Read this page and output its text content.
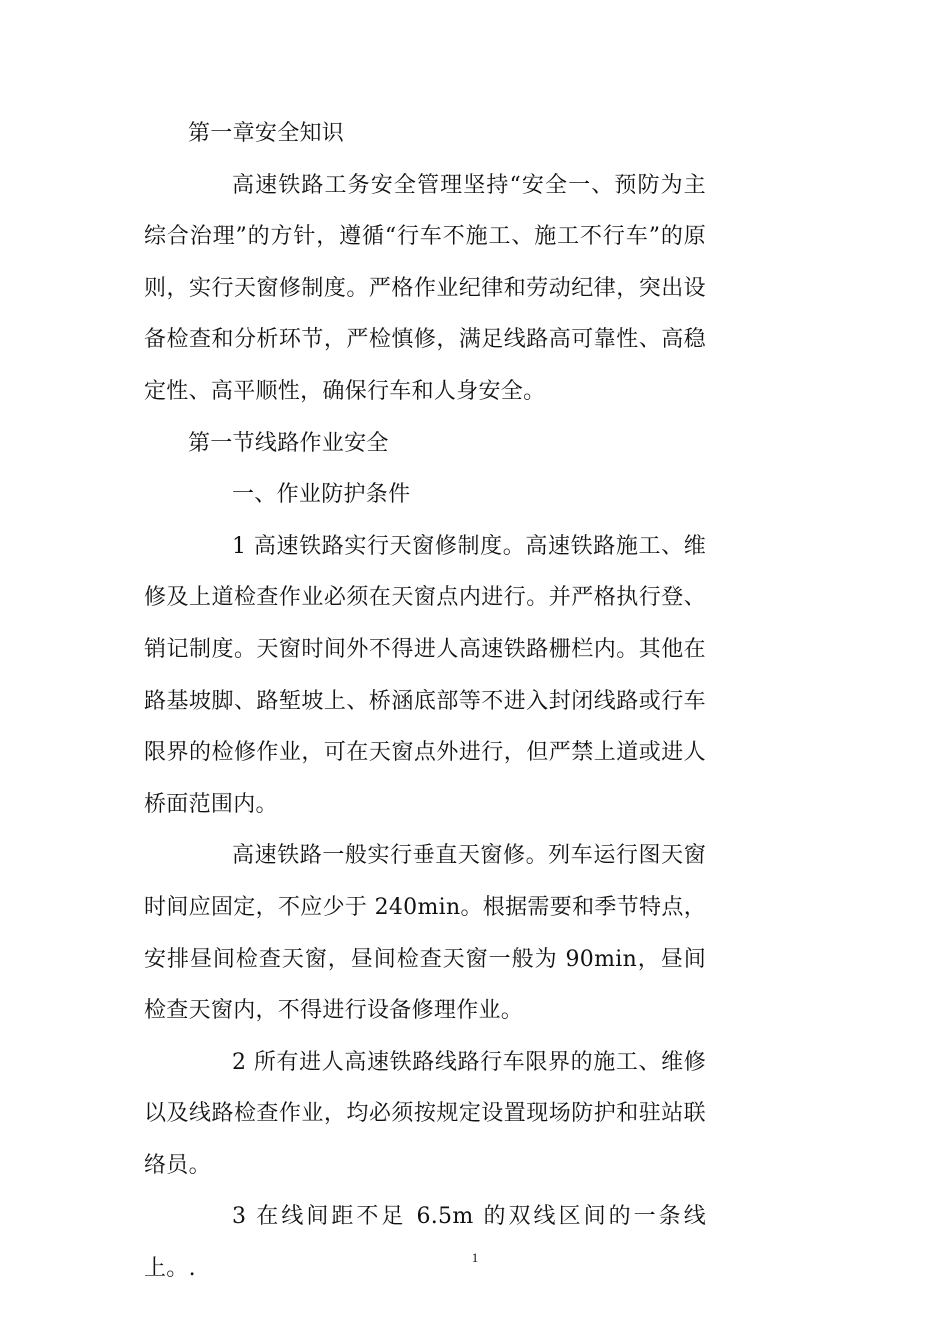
第一章安全知识

高速铁路工务安全管理坚持“安全一、预防为主综合治理”的方针，遵循“行车不施工、施工不行车”的原则，实行天窗修制度。严格作业纪律和劳动纪律，突出设备检查和分析环节，严检慎修，满足线路高可靠性、高稳定性、高平顺性，确保行车和人身安全。

第一节线路作业安全

一、作业防护条件

1 高速铁路实行天窗修制度。高速铁路施工、维修及上道检查作业必须在天窗点内进行。并严格执行登、销记制度。天窗时间外不得进人高速铁路栅栏内。其他在路基坡脚、路堑坡上、桥涵底部等不进入封闭线路或行车限界的检修作业，可在天窗点外进行，但严禁上道或进人桥面范围内。

高速铁路一般实行垂直天窗修。列车运行图天窗时间应固定，不应少于 240min。根据需要和季节特点，安排昼间检查天窗，昼间检查天窗一般为 90min，昼间检查天窗内，不得进行设备修理作业。

2 所有进人高速铁路线路行车限界的施工、维修以及线路检查作业，均必须按规定设置现场防护和驻站联络员。

3 在线间距不足 6.5m 的双线区间的一条线上。.	1
